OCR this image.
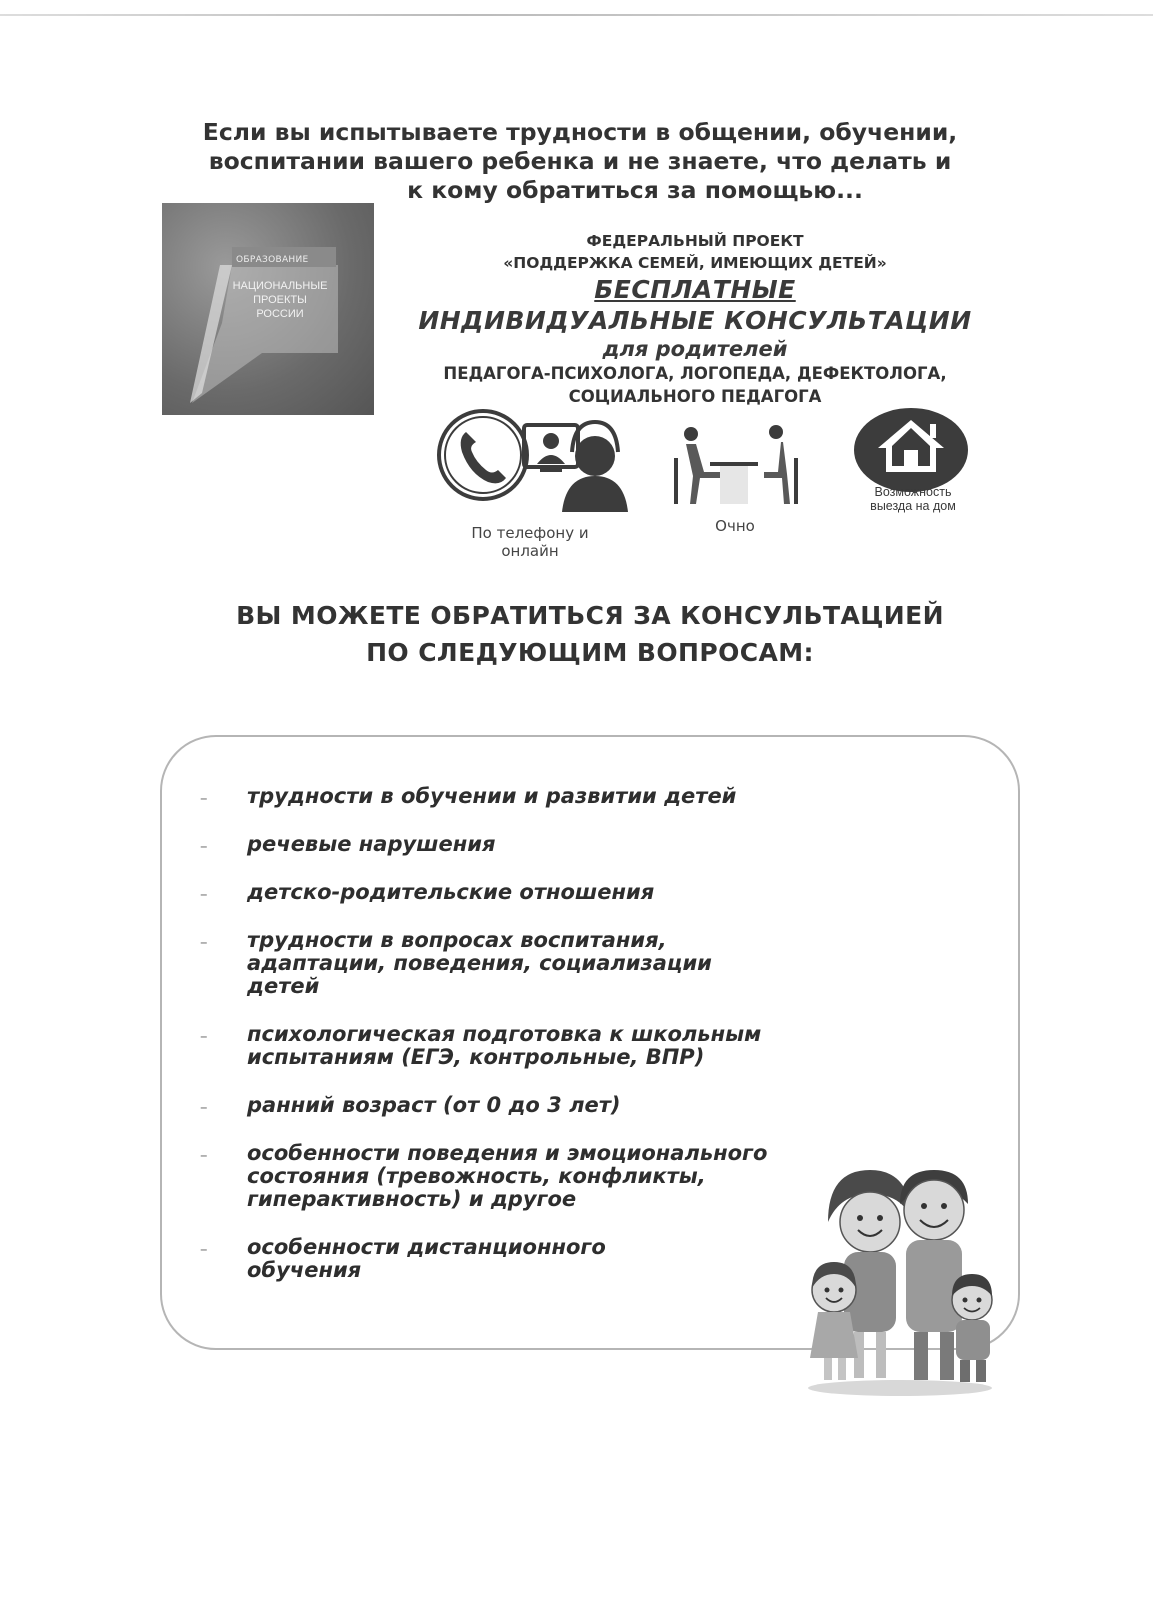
Если вы испытываете трудности в общении, обучении,
воспитании вашего ребенка и не знаете, что делать и
к кому обратиться за помощью...
ОБРАЗОВАНИЕ
НАЦИОНАЛЬНЫЕ
ПРОЕКТЫ
РОССИИ
ФЕДЕРАЛЬНЫЙ ПРОЕКТ
«ПОДДЕРЖКА СЕМЕЙ, ИМЕЮЩИХ ДЕТЕЙ»
БЕСПЛАТНЫЕ
ИНДИВИДУАЛЬНЫЕ КОНСУЛЬТАЦИИ
для родителей
ПЕДАГОГА-ПСИХОЛОГА, ЛОГОПЕДА, ДЕФЕКТОЛОГА,
СОЦИАЛЬНОГО ПЕДАГОГА
По телефону и
онлайн
Очно
Возможность
выезда на дом
ВЫ МОЖЕТЕ ОБРАТИТЬСЯ ЗА КОНСУЛЬТАЦИЕЙ
ПО СЛЕДУЮЩИМ ВОПРОСАМ:
– трудности в обучении и развитии детей
– речевые нарушения
– детско-родительские отношения
– трудности в вопросах воспитания,
адаптации, поведения, социализации
детей
– психологическая подготовка к школьным
испытаниям (ЕГЭ, контрольные, ВПР)
– ранний возраст (от 0 до 3 лет)
– особенности поведения и эмоционального
состояния (тревожность, конфликты,
гиперактивность) и другое
– особенности дистанционного
обучения
